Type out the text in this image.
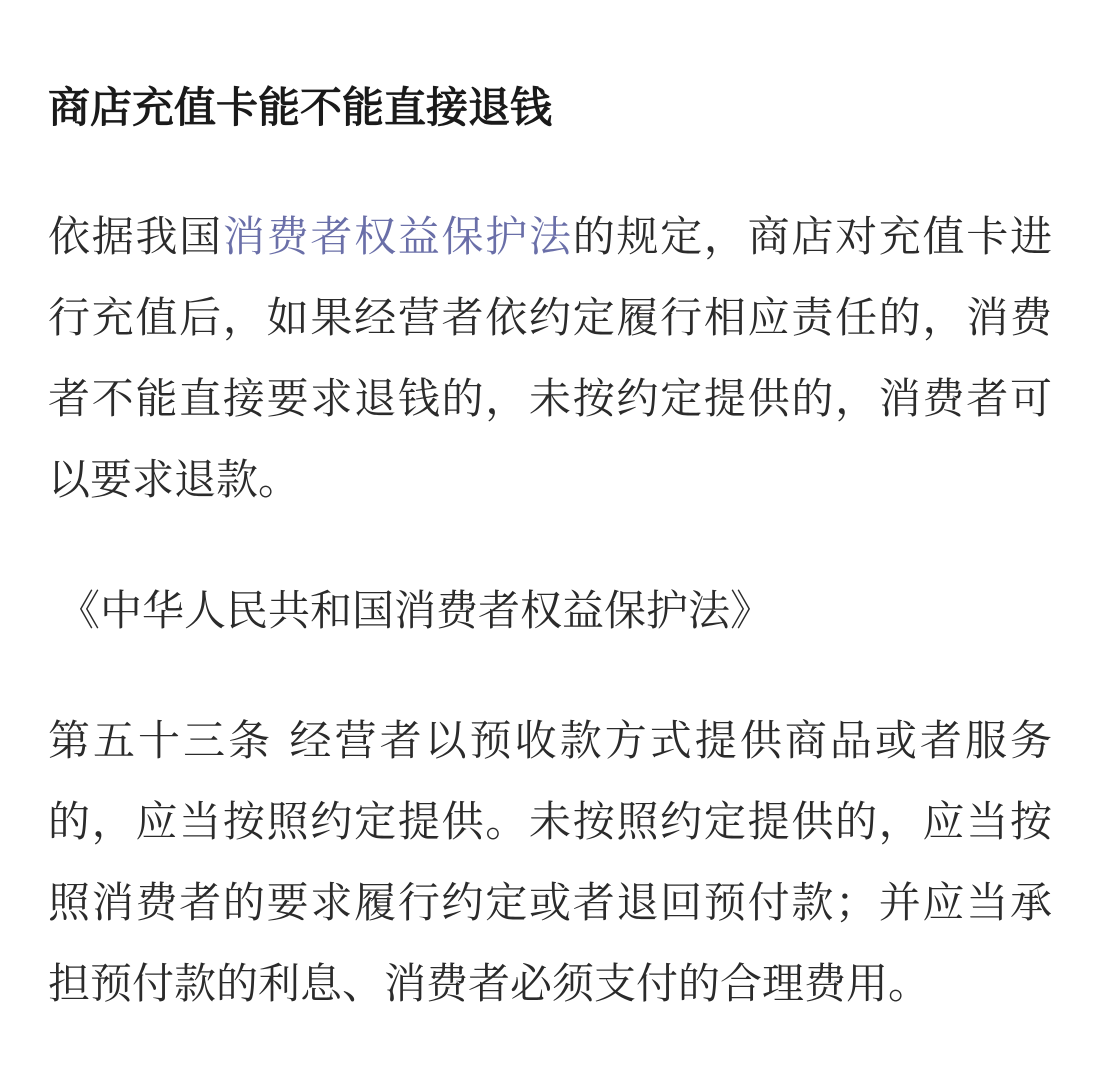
商店充值卡能不能直接退钱

依据我国消费者权益保护法的规定，商店对充值卡进行充值后，如果经营者依约定履行相应责任的，消费者不能直接要求退钱的，未按约定提供的，消费者可以要求退款。

《中华人民共和国消费者权益保护法》

第五十三条 经营者以预收款方式提供商品或者服务的，应当按照约定提供。未按照约定提供的，应当按照消费者的要求履行约定或者退回预付款；并应当承担预付款的利息、消费者必须支付的合理费用。
